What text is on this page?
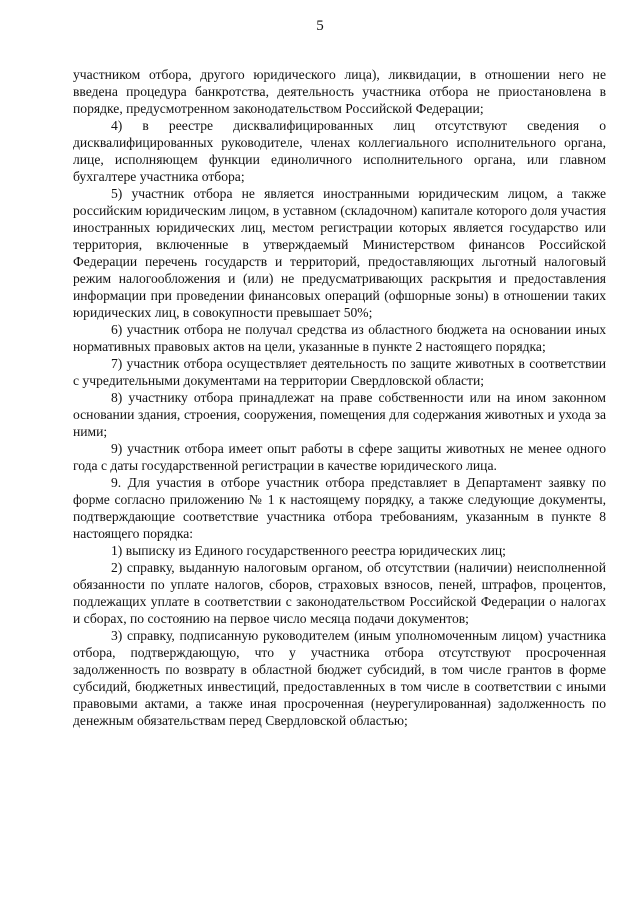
5

участником отбора, другого юридического лица), ликвидации, в отношении него не введена процедура банкротства, деятельность участника отбора не приостановлена в порядке, предусмотренном законодательством Российской Федерации;

4) в реестре дисквалифицированных лиц отсутствуют сведения о дисквалифицированных руководителе, членах коллегиального исполнительного органа, лице, исполняющем функции единоличного исполнительного органа, или главном бухгалтере участника отбора;

5) участник отбора не является иностранными юридическим лицом, а также российским юридическим лицом, в уставном (складочном) капитале которого доля участия иностранных юридических лиц, местом регистрации которых является государство или территория, включенные в утверждаемый Министерством финансов Российской Федерации перечень государств и территорий, предоставляющих льготный налоговый режим налогообложения и (или) не предусматривающих раскрытия и предоставления информации при проведении финансовых операций (офшорные зоны) в отношении таких юридических лиц, в совокупности превышает 50%;

6) участник отбора не получал средства из областного бюджета на основании иных нормативных правовых актов на цели, указанные в пункте 2 настоящего порядка;

7) участник отбора осуществляет деятельность по защите животных в соответствии с учредительными документами на территории Свердловской области;

8) участнику отбора принадлежат на праве собственности или на ином законном основании здания, строения, сооружения, помещения для содержания животных и ухода за ними;

9) участник отбора имеет опыт работы в сфере защиты животных не менее одного года с даты государственной регистрации в качестве юридического лица.

9. Для участия в отборе участник отбора представляет в Департамент заявку по форме согласно приложению № 1 к настоящему порядку, а также следующие документы, подтверждающие соответствие участника отбора требованиям, указанным в пункте 8 настоящего порядка:

1) выписку из Единого государственного реестра юридических лиц;

2) справку, выданную налоговым органом, об отсутствии (наличии) неисполненной обязанности по уплате налогов, сборов, страховых взносов, пеней, штрафов, процентов, подлежащих уплате в соответствии с законодательством Российской Федерации о налогах и сборах, по состоянию на первое число месяца подачи документов;

3) справку, подписанную руководителем (иным уполномоченным лицом) участника отбора, подтверждающую, что у участника отбора отсутствуют просроченная задолженность по возврату в областной бюджет субсидий, в том числе грантов в форме субсидий, бюджетных инвестиций, предоставленных в том числе в соответствии с иными правовыми актами, а также иная просроченная (неурегулированная) задолженность по денежным обязательствам перед Свердловской областью;
